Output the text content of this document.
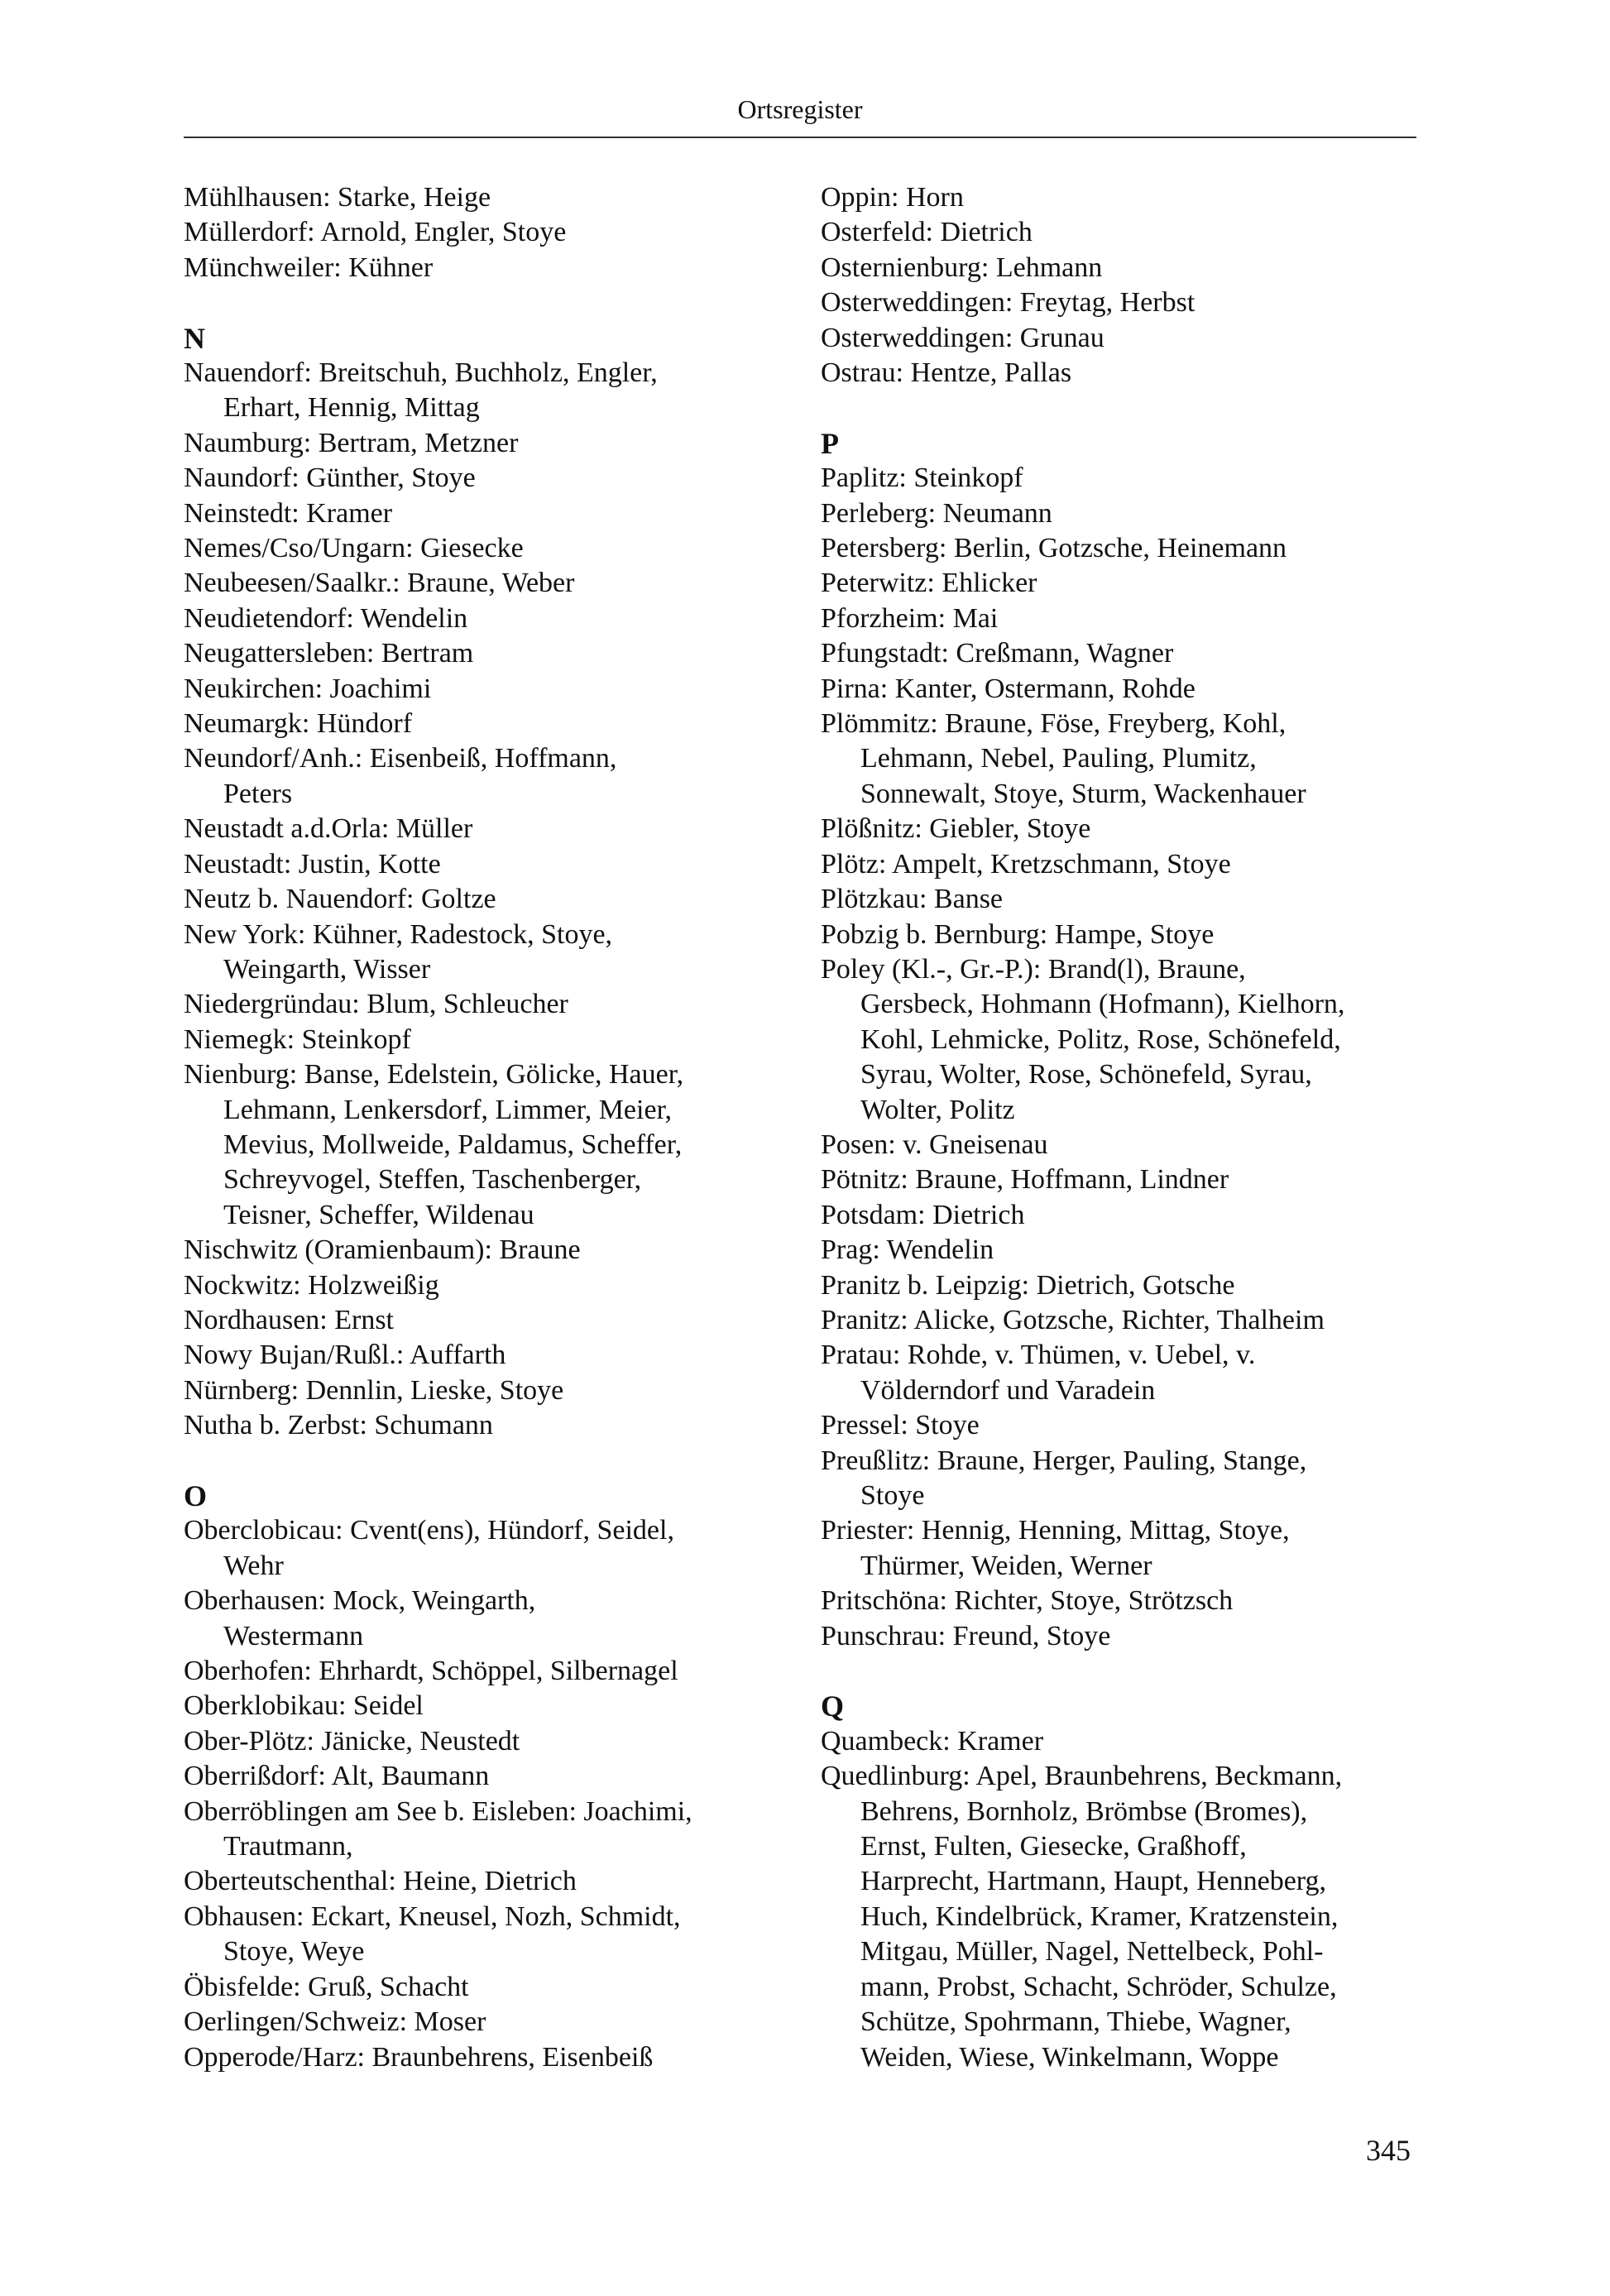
Ortsregister
Mühlhausen: Starke, Heige
Müllerdorf: Arnold, Engler, Stoye
Münchweiler: Kühner
N
Nauendorf: Breitschuh, Buchholz, Engler,
Erhart, Hennig, Mittag
Naumburg: Bertram, Metzner
Naundorf: Günther, Stoye
Neinstedt: Kramer
Nemes/Cso/Ungarn: Giesecke
Neubeesen/Saalkr.: Braune, Weber
Neudietendorf: Wendelin
Neugattersleben: Bertram
Neukirchen: Joachimi
Neumargk: Hündorf
Neundorf/Anh.: Eisenbeiß, Hoffmann,
Peters
Neustadt a.d.Orla: Müller
Neustadt: Justin, Kotte
Neutz b. Nauendorf: Goltze
New York: Kühner, Radestock, Stoye,
Weingarth, Wisser
Niedergründau: Blum, Schleucher
Niemegk: Steinkopf
Nienburg: Banse, Edelstein, Gölicke, Hauer,
Lehmann, Lenkersdorf, Limmer, Meier,
Mevius, Mollweide, Paldamus, Scheffer,
Schreyvogel, Steffen, Taschenberger,
Teisner, Scheffer, Wildenau
Nischwitz (Oramienbaum): Braune
Nockwitz: Holzweißig
Nordhausen: Ernst
Nowy Bujan/Rußl.: Auffarth
Nürnberg: Dennlin, Lieske, Stoye
Nutha b. Zerbst: Schumann
O
Oberclobicau: Cvent(ens), Hündorf, Seidel,
Wehr
Oberhausen: Mock, Weingarth,
Westermann
Oberhofen: Ehrhardt, Schöppel, Silbernagel
Oberklobikau: Seidel
Ober-Plötz: Jänicke, Neustedt
Oberrißdorf: Alt, Baumann
Oberröblingen am See b. Eisleben: Joachimi,
Trautmann,
Oberteutschenthal: Heine, Dietrich
Obhausen: Eckart, Kneusel, Nozh, Schmidt,
Stoye, Weye
Öbisfelde: Gruß, Schacht
Oerlingen/Schweiz: Moser
Opperode/Harz: Braunbehrens, Eisenbeiß
Oppin: Horn
Osterfeld: Dietrich
Osternienburg: Lehmann
Osterweddingen: Freytag, Herbst
Osterweddingen: Grunau
Ostrau: Hentze, Pallas
P
Paplitz: Steinkopf
Perleberg: Neumann
Petersberg: Berlin, Gotzsche, Heinemann
Peterwitz: Ehlicker
Pforzheim: Mai
Pfungstadt: Creßmann, Wagner
Pirna: Kanter, Ostermann, Rohde
Plömmitz: Braune, Föse, Freyberg, Kohl,
Lehmann, Nebel, Pauling, Plumitz,
Sonnewalt, Stoye, Sturm, Wackenhauer
Plößnitz: Giebler, Stoye
Plötz: Ampelt, Kretzschmann, Stoye
Plötzkau: Banse
Pobzig b. Bernburg: Hampe, Stoye
Poley (Kl.-, Gr.-P.): Brand(l), Braune,
Gersbeck, Hohmann (Hofmann), Kielhorn,
Kohl, Lehmicke, Politz, Rose, Schönefeld,
Syrau, Wolter, Rose, Schönefeld, Syrau,
Wolter, Politz
Posen: v. Gneisenau
Pötnitz: Braune, Hoffmann, Lindner
Potsdam: Dietrich
Prag: Wendelin
Pranitz b. Leipzig: Dietrich, Gotsche
Pranitz: Alicke, Gotzsche, Richter, Thalheim
Pratau: Rohde, v. Thümen, v. Uebel, v.
Völderndorf und Varadein
Pressel: Stoye
Preußlitz: Braune, Herger, Pauling, Stange,
Stoye
Priester: Hennig, Henning, Mittag, Stoye,
Thürmer, Weiden, Werner
Pritschöna: Richter, Stoye, Strötzsch
Punschrau: Freund, Stoye
Q
Quambeck: Kramer
Quedlinburg: Apel, Braunbehrens, Beckmann,
Behrens, Bornholz, Brömbse (Bromes),
Ernst, Fulten, Giesecke, Graßhoff,
Harprecht, Hartmann, Haupt, Henneberg,
Huch, Kindelbrück, Kramer, Kratzenstein,
Mitgau, Müller, Nagel, Nettelbeck, Pohl-
mann, Probst, Schacht, Schröder, Schulze,
Schütze, Spohrmann, Thiebe, Wagner,
Weiden, Wiese, Winkelmann, Woppe
345
